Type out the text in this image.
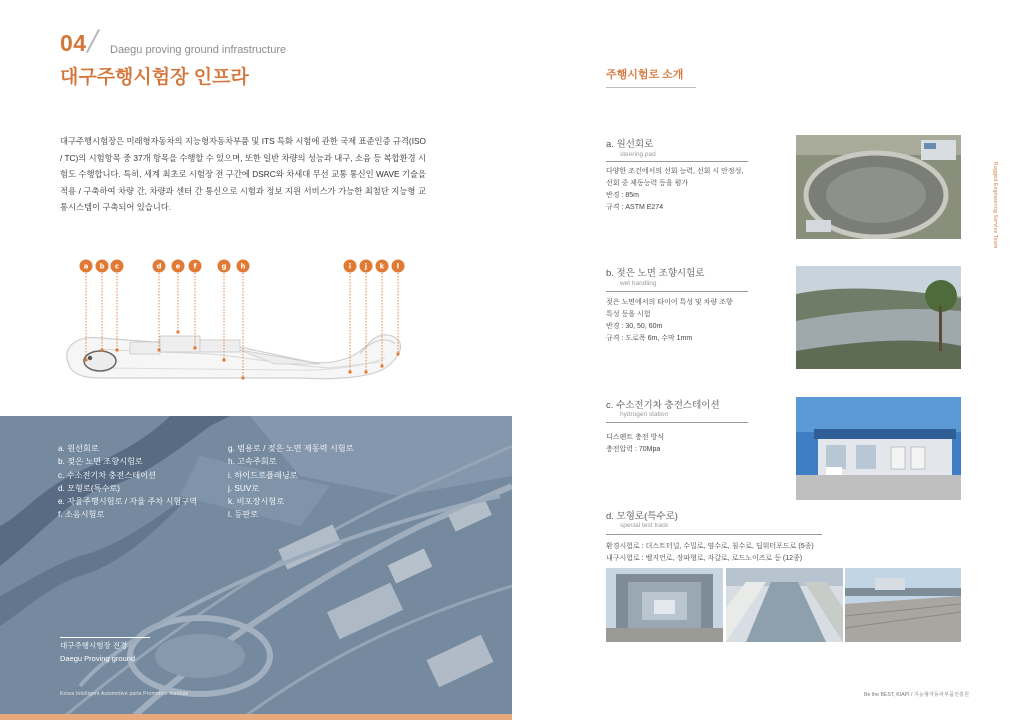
04 Daegu proving ground infrastructure
대구주행시험장 인프라

대구주행시험장은 미래형자동차의 지능형자동차부품 및 ITS 특화 시험에 관한 국제 표준인증 규격(ISO / TC)의 시험항목 중 37개 항목을 수행할 수 있으며, 또한 일반 차량의 성능과 내구, 소음 등 복합환경 시험도 수행합니다. 특히, 세계 최초로 시험장 전 구간에 DSRC와 차세대 무선 교통 통신인 WAVE 기술을 적용 / 구축하여 차량 간, 차량과 센터 간 통신으로 시험과 정보 지원 서비스가 가능한 최첨단 지능형 교통시스템이 구축되어 있습니다.

a b c	d e f	g h	i j k l
a. 원선회로
b. 젖은 노면 조향시험로
c. 수소전기차 충전스테이션
d. 모형로(특수로)
e. 자율주행시험로 / 자율 주차 시험구역
f. 소음시험로
g. 범용로 / 젖은 노면 제동력 시험로
h. 고속주회로
i. 하이드로플래닝로
j. SUV로
k. 비포장시험로
l. 등판로
대구주행시험장 전경
Daegu Proving ground
Korea Intelligent Automotive parts Promotion Institute
주행시험로 소개
a. 원선회로
steering pad
다양한 조건에서의 선회 능력, 선회 시 안정성,
선회 중 제동능력 등을 평가
반경 : 85m
규격 : ASTM E274
b. 젖은 노면 조향시험로
wet handling
젖은 노면에서의 타이어 특성 및 차량 조향
특성 등을 시험
반경 : 30, 50, 60m
규격 : 도로폭 6m, 수막 1mm
c. 수소전기차 충전스테이션
hydrogen station
디스펜트 충전 방식
충전압력 : 70Mpa
d. 모형로(특수로)
special test track
환경시험로 : 더스트터널, 수밀로, 염수로, 침수로, 딥워터포드로 (5종)
내구시험로 : 벨지언로, 장파형로, 자갈로, 로드노이즈로 등 (12종)
Rugged Engineering Service Team
Be the BEST, KIAPI / 지능형자동차부품진흥원
